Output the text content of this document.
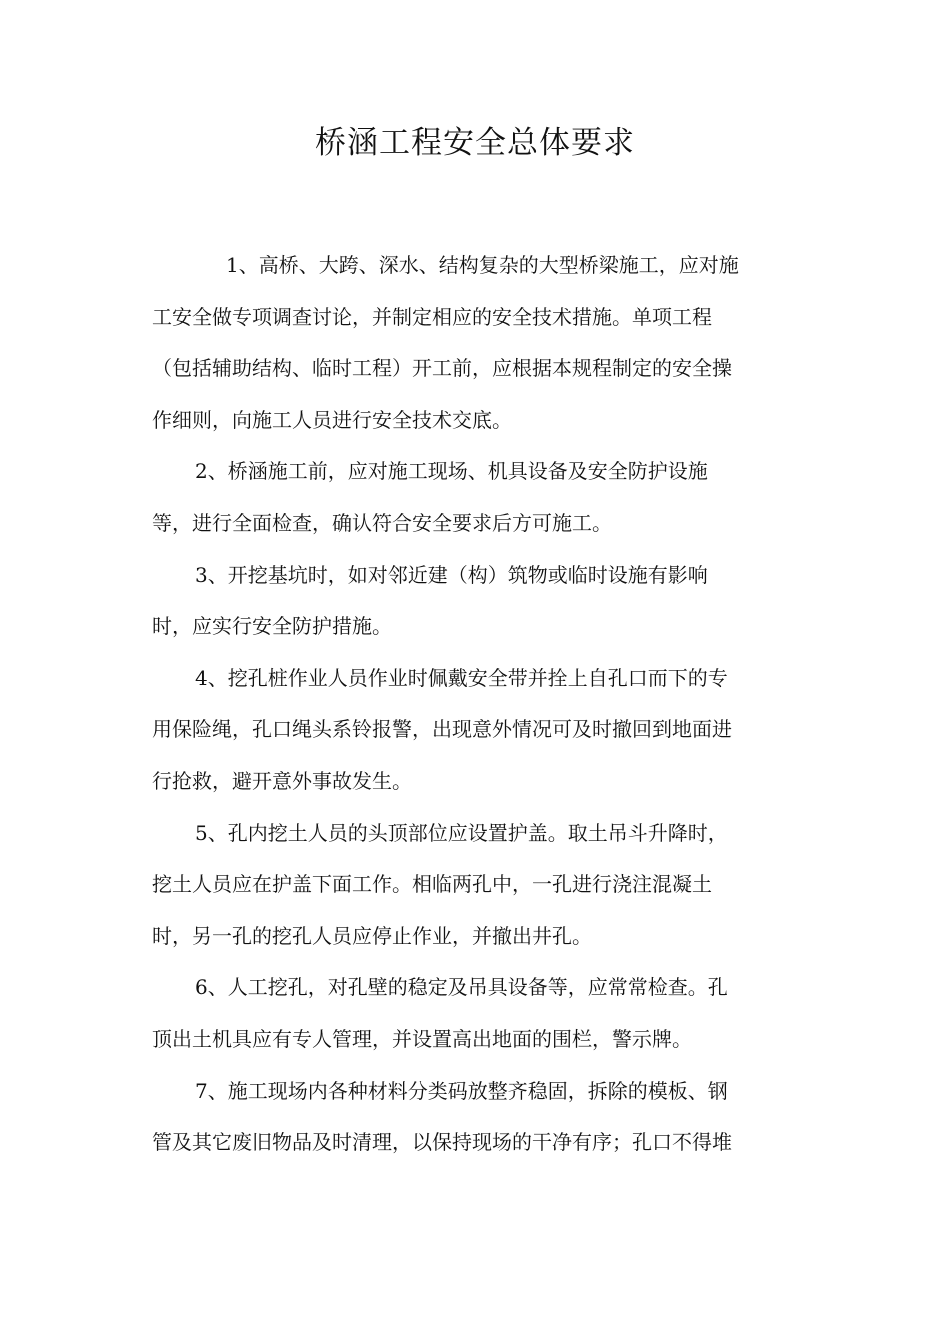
桥涵工程安全总体要求
1、高桥、大跨、深水、结构复杂的大型桥梁施工，应对施
工安全做专项调查讨论，并制定相应的安全技术措施。单项工程
（包括辅助结构、临时工程）开工前，应根据本规程制定的安全操
作细则，向施工人员进行安全技术交底。
2、桥涵施工前，应对施工现场、机具设备及安全防护设施
等，进行全面检查，确认符合安全要求后方可施工。
3、开挖基坑时，如对邻近建（构）筑物或临时设施有影响
时，应实行安全防护措施。
4、挖孔桩作业人员作业时佩戴安全带并拴上自孔口而下的专
用保险绳，孔口绳头系铃报警，出现意外情况可及时撤回到地面进
行抢救，避开意外事故发生。
5、孔内挖土人员的头顶部位应设置护盖。取土吊斗升降时，
挖土人员应在护盖下面工作。相临两孔中，一孔进行浇注混凝土
时，另一孔的挖孔人员应停止作业，并撤出井孔。
6、人工挖孔，对孔壁的稳定及吊具设备等，应常常检查。孔
顶出土机具应有专人管理，并设置高出地面的围栏，警示牌。
7、施工现场内各种材料分类码放整齐稳固，拆除的模板、钢
管及其它废旧物品及时清理，以保持现场的干净有序；孔口不得堆
